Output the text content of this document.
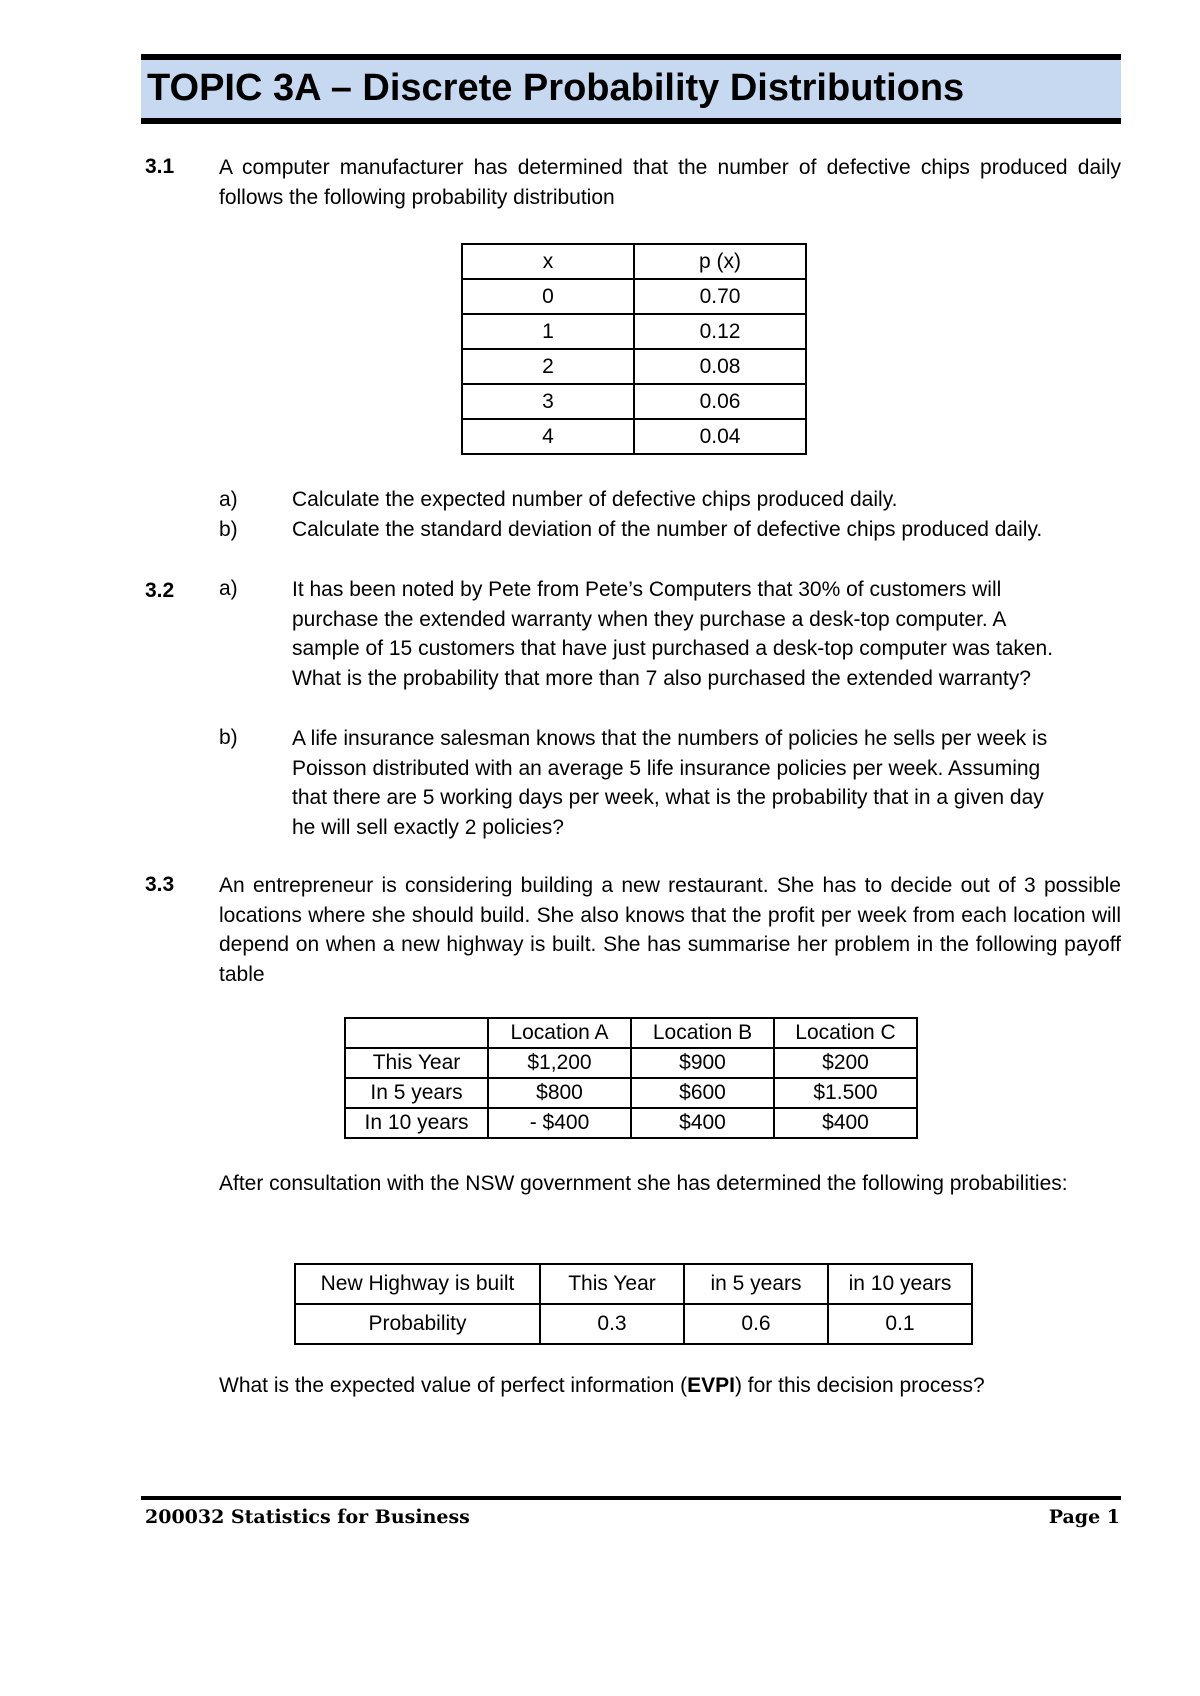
TOPIC 3A – Discrete Probability Distributions
3.1 A computer manufacturer has determined that the number of defective chips produced daily follows the following probability distribution
x	p (x)
0	0.70
1	0.12
2	0.08
3	0.06
4	0.04
a)	Calculate the expected number of defective chips produced daily.
b)	Calculate the standard deviation of the number of defective chips produced daily.
3.2 a)	It has been noted by Pete from Pete’s Computers that 30% of customers will
purchase the extended warranty when they purchase a desk-top computer. A
sample of 15 customers that have just purchased a desk-top computer was taken.
What is the probability that more than 7 also purchased the extended warranty?
b)	A life insurance salesman knows that the numbers of policies he sells per week is
Poisson distributed with an average 5 life insurance policies per week. Assuming
that there are 5 working days per week, what is the probability that in a given day
he will sell exactly 2 policies?
3.3 An entrepreneur is considering building a new restaurant. She has to decide out of 3 possible locations where she should build. She also knows that the profit per week from each location will depend on when a new highway is built. She has summarise her problem in the following payoff table
	Location A	Location B	Location C
This Year	$1,200	$900	$200
In 5 years	$800	$600	$1.500
In 10 years	- $400	$400	$400
After consultation with the NSW government she has determined the following probabilities:
New Highway is built	This Year	in 5 years	in 10 years
Probability	0.3	0.6	0.1
What is the expected value of perfect information (EVPI) for this decision process?
200032 Statistics for Business	Page 1
